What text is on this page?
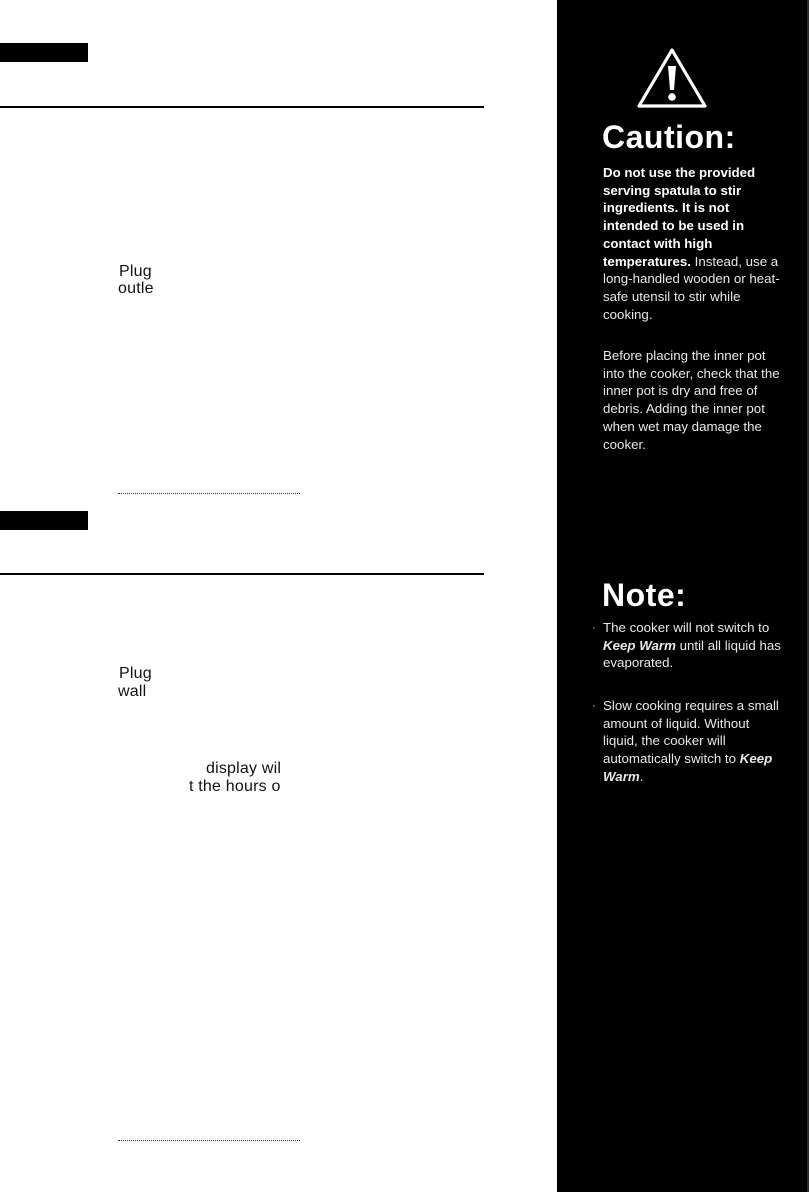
Plug
outle
Plug
wall
display wil
t the hours o
Caution:
Do not use the provided serving spatula to stir ingredients. It is not intended to be used in contact with high temperatures. Instead, use a long-handled wooden or heat-safe utensil to stir while cooking.
Before placing the inner pot into the cooker, check that the inner pot is dry and free of debris. Adding the inner pot when wet may damage the cooker.
Note:
· The cooker will not switch to Keep Warm until all liquid has evaporated.
· Slow cooking requires a small amount of liquid. Without liquid, the cooker will automatically switch to Keep Warm.
